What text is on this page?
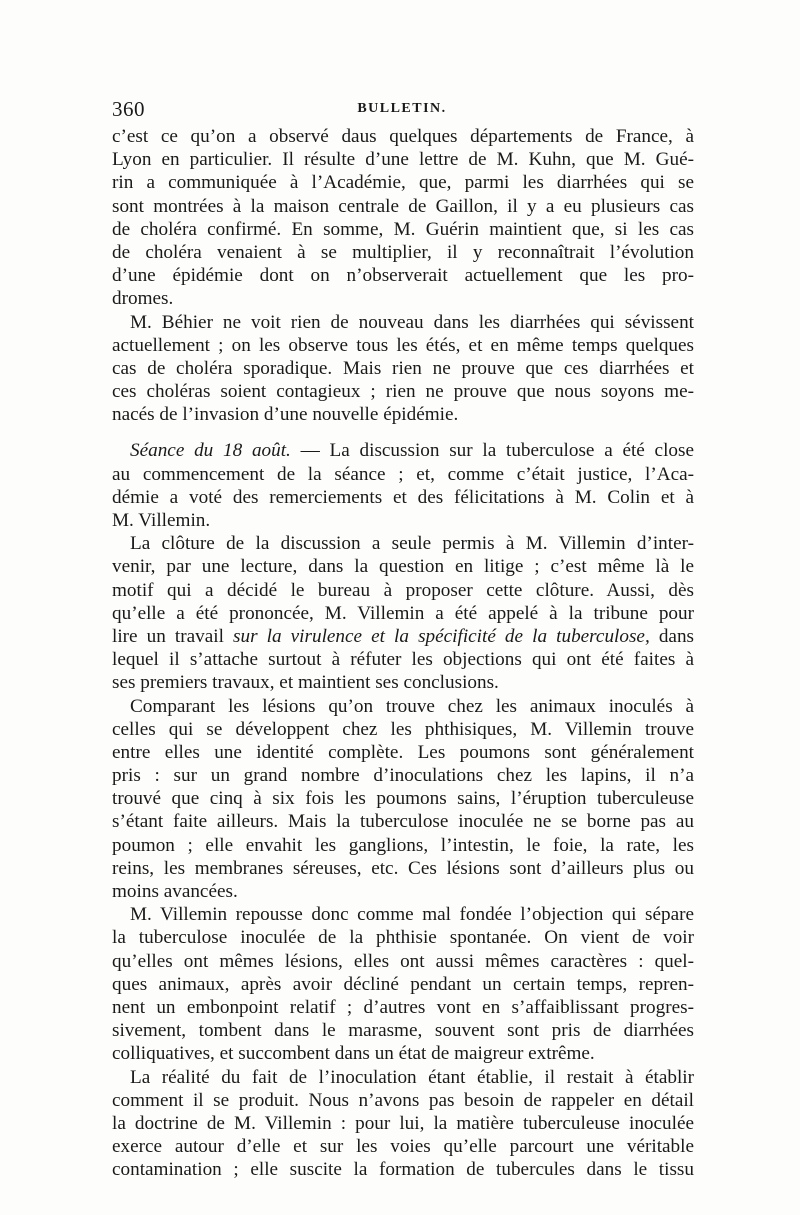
360	BULLETIN.
c’est ce qu’on a observé daus quelques départements de France, à
Lyon en particulier. Il résulte d’une lettre de M. Kuhn, que M. Gué-
rin a communiquée à l’Académie, que, parmi les diarrhées qui se
sont montrées à la maison centrale de Gaillon, il y a eu plusieurs cas
de choléra confirmé. En somme, M. Guérin maintient que, si les cas
de choléra venaient à se multiplier, il y reconnaîtrait l’évolution
d’une épidémie dont on n’observerait actuellement que les pro-
dromes.
M. Béhier ne voit rien de nouveau dans les diarrhées qui sévissent
actuellement ; on les observe tous les étés, et en même temps quelques
cas de choléra sporadique. Mais rien ne prouve que ces diarrhées et
ces choléras soient contagieux ; rien ne prouve que nous soyons me-
nacés de l’invasion d’une nouvelle épidémie.
Séance du 18 août. — La discussion sur la tuberculose a été close
au commencement de la séance ; et, comme c’était justice, l’Aca-
démie a voté des remerciements et des félicitations à M. Colin et à
M. Villemin.
La clôture de la discussion a seule permis à M. Villemin d’inter-
venir, par une lecture, dans la question en litige ; c’est même là le
motif qui a décidé le bureau à proposer cette clôture. Aussi, dès
qu’elle a été prononcée, M. Villemin a été appelé à la tribune pour
lire un travail sur la virulence et la spécificité de la tuberculose, dans
lequel il s’attache surtout à réfuter les objections qui ont été faites à
ses premiers travaux, et maintient ses conclusions.
Comparant les lésions qu’on trouve chez les animaux inoculés à
celles qui se développent chez les phthisiques, M. Villemin trouve
entre elles une identité complète. Les poumons sont généralement
pris : sur un grand nombre d’inoculations chez les lapins, il n’a
trouvé que cinq à six fois les poumons sains, l’éruption tuberculeuse
s’étant faite ailleurs. Mais la tuberculose inoculée ne se borne pas au
poumon ; elle envahit les ganglions, l’intestin, le foie, la rate, les
reins, les membranes séreuses, etc. Ces lésions sont d’ailleurs plus ou
moins avancées.
M. Villemin repousse donc comme mal fondée l’objection qui sépare
la tuberculose inoculée de la phthisie spontanée. On vient de voir
qu’elles ont mêmes lésions, elles ont aussi mêmes caractères : quel-
ques animaux, après avoir décliné pendant un certain temps, repren-
nent un embonpoint relatif ; d’autres vont en s’affaiblissant progres-
sivement, tombent dans le marasme, souvent sont pris de diarrhées
colliquatives, et succombent dans un état de maigreur extrême.
La réalité du fait de l’inoculation étant établie, il restait à établir
comment il se produit. Nous n’avons pas besoin de rappeler en détail
la doctrine de M. Villemin : pour lui, la matière tuberculeuse inoculée
exerce autour d’elle et sur les voies qu’elle parcourt une véritable
contamination ; elle suscite la formation de tubercules dans le tissu
